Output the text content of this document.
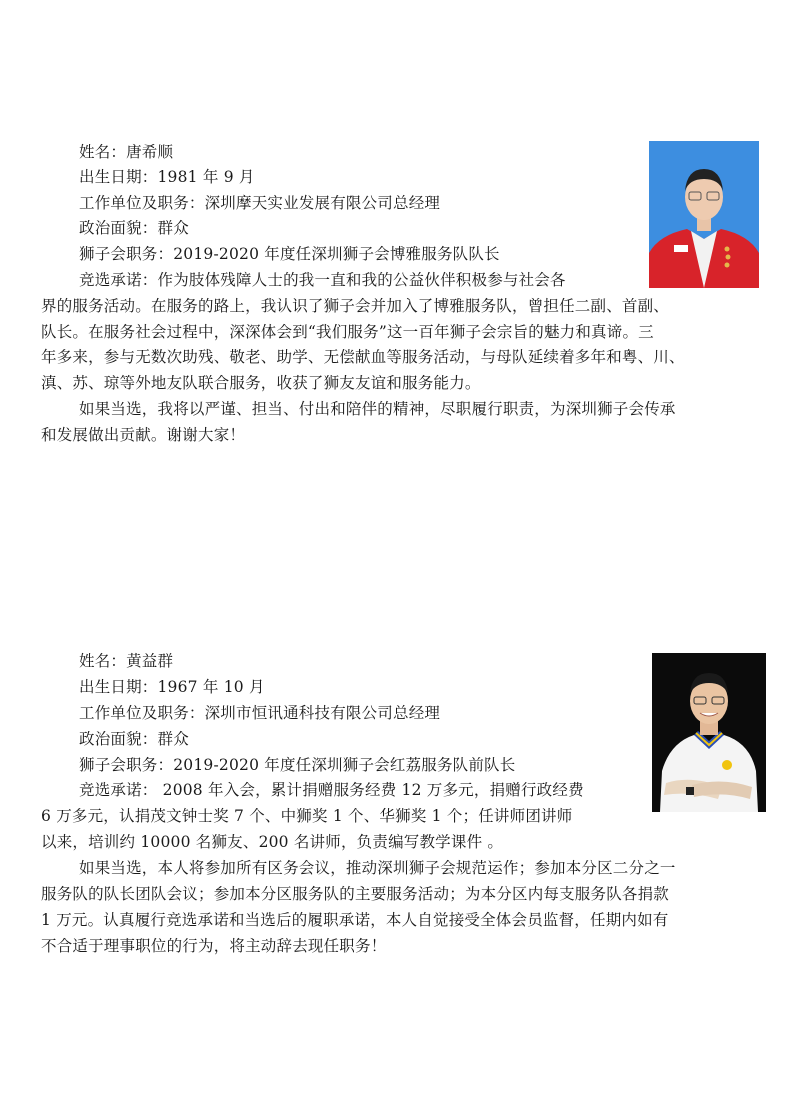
姓名：唐希顺
出生日期：1981 年 9 月
工作单位及职务：深圳摩天实业发展有限公司总经理
政治面貌：群众
狮子会职务：2019-2020 年度任深圳狮子会博雅服务队队长
竞选承诺：作为肢体残障人士的我一直和我的公益伙伴积极参与社会各
界的服务活动。在服务的路上，我认识了狮子会并加入了博雅服务队，曾担任二副、首副、
队长。在服务社会过程中，深深体会到“我们服务”这一百年狮子会宗旨的魅力和真谛。三
年多来，参与无数次助残、敬老、助学、无偿献血等服务活动，与母队延续着多年和粤、川、
滇、苏、琼等外地友队联合服务，收获了狮友友谊和服务能力。
如果当选，我将以严谨、担当、付出和陪伴的精神，尽职履行职责，为深圳狮子会传承
和发展做出贡献。谢谢大家！
姓名：黄益群
出生日期：1967 年 10 月
工作单位及职务：深圳市恒讯通科技有限公司总经理
政治面貌：群众
狮子会职务：2019-2020 年度任深圳狮子会红荔服务队前队长
竞选承诺： 2008 年入会，累计捐赠服务经费 12 万多元，捐赠行政经费
6 万多元，认捐茂文钟士奖 7 个、中狮奖 1 个、华狮奖 1 个；任讲师团讲师
以来，培训约 10000 名狮友、200 名讲师，负责编写教学课件 。
如果当选，本人将参加所有区务会议，推动深圳狮子会规范运作；参加本分区二分之一
服务队的队长团队会议；参加本分区服务队的主要服务活动；为本分区内每支服务队各捐款
1 万元。认真履行竞选承诺和当选后的履职承诺，本人自觉接受全体会员监督，任期内如有
不合适于理事职位的行为，将主动辞去现任职务！
